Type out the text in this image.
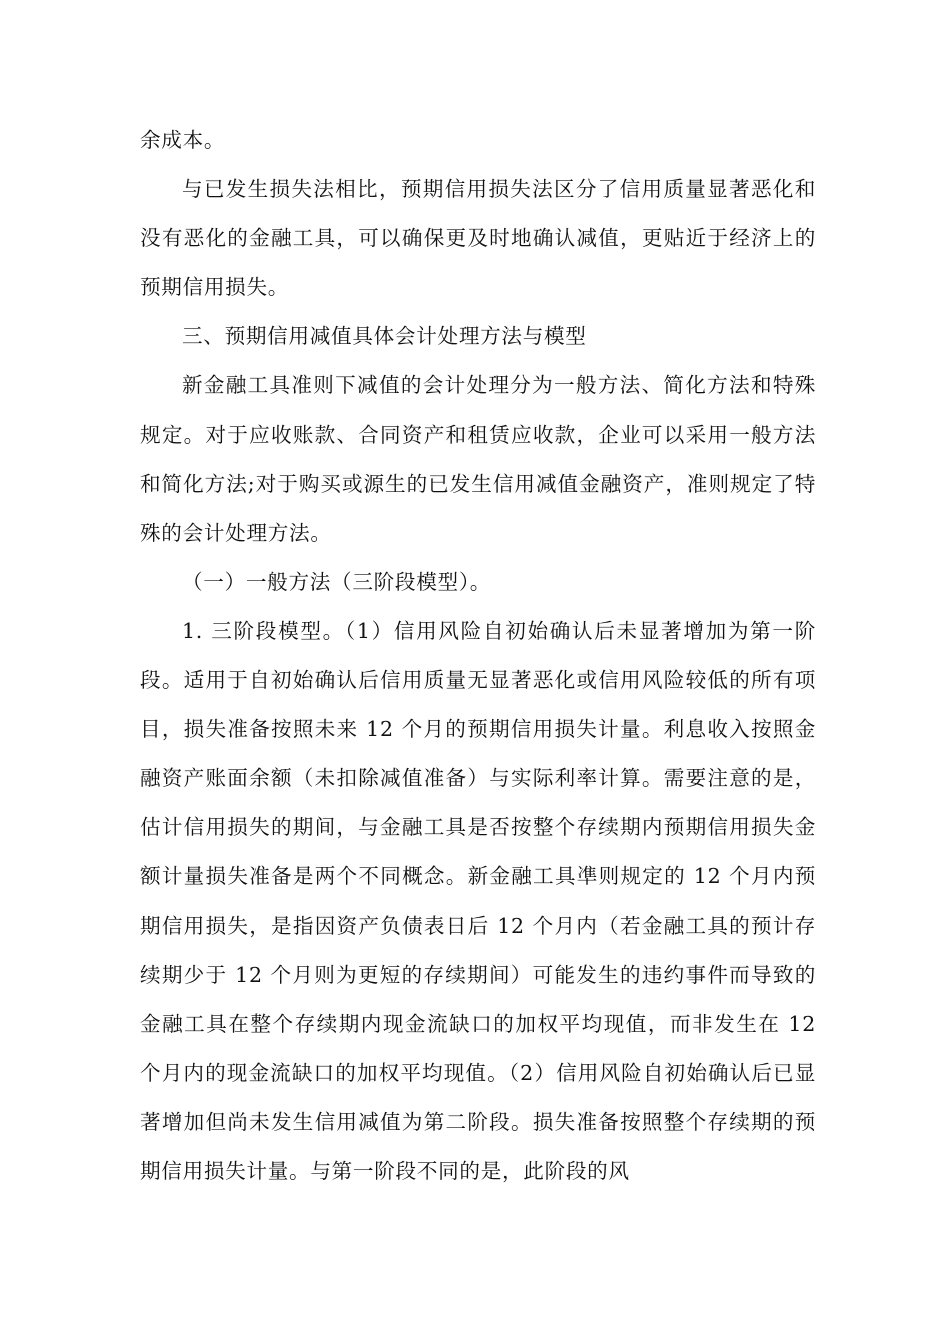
余成本。

与已发生损失法相比，预期信用损失法区分了信用质量显著恶化和没有恶化的金融工具，可以确保更及时地确认减值，更贴近于经济上的预期信用损失。

三、预期信用减值具体会计处理方法与模型

新金融工具准则下减值的会计处理分为一般方法、简化方法和特殊规定。对于应收账款、合同资产和租赁应收款，企业可以采用一般方法和简化方法;对于购买或源生的已发生信用减值金融资产，准则规定了特殊的会计处理方法。

（一）一般方法（三阶段模型）。

1. 三阶段模型。（1）信用风险自初始确认后未显著增加为第一阶段。适用于自初始确认后信用质量无显著恶化或信用风险较低的所有项目，损失准备按照未来 12 个月的预期信用损失计量。利息收入按照金融资产账面余额（未扣除减值准备）与实际利率计算。需要注意的是，估计信用损失的期间，与金融工具是否按整个存续期内预期信用损失金额计量损失准备是两个不同概念。新金融工具凖则规定的 12 个月内预期信用损失，是指因资产负债表日后 12 个月内（若金融工具的预计存续期少于 12 个月则为更短的存续期间）可能发生的违约事件而导致的金融工具在整个存续期内现金流缺口的加权平均现值，而非发生在 12 个月内的现金流缺口的加权平均现值。（2）信用风险自初始确认后已显著增加但尚未发生信用减值为第二阶段。损失准备按照整个存续期的预期信用损失计量。与第一阶段不同的是，此阶段的风
